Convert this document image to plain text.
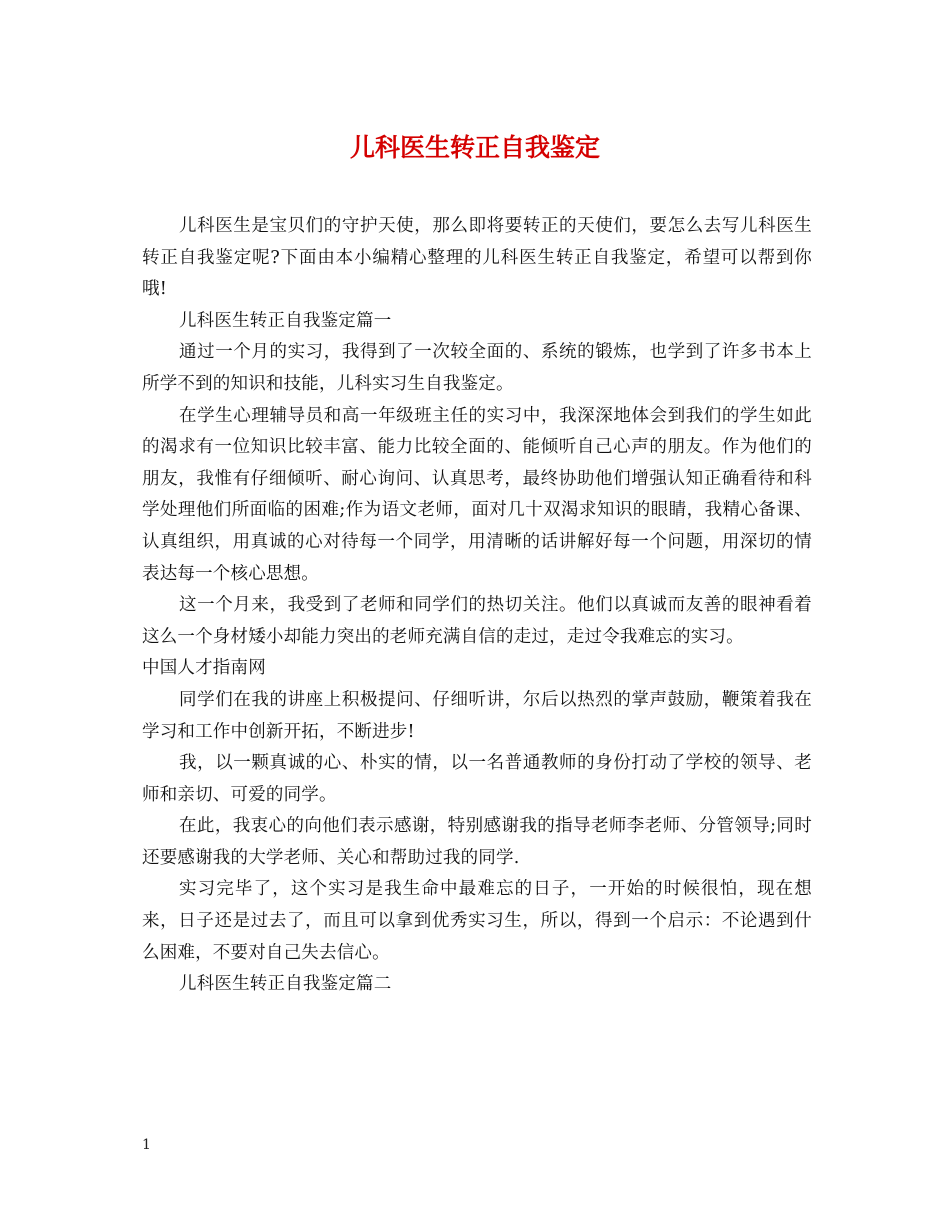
儿科医生转正自我鉴定

儿科医生是宝贝们的守护天使，那么即将要转正的天使们，要怎么去写儿科医生转正自我鉴定呢?下面由本小编精心整理的儿科医生转正自我鉴定，希望可以帮到你哦!

儿科医生转正自我鉴定篇一

通过一个月的实习，我得到了一次较全面的、系统的锻炼，也学到了许多书本上所学不到的知识和技能，儿科实习生自我鉴定。

在学生心理辅导员和高一年级班主任的实习中，我深深地体会到我们的学生如此的渴求有一位知识比较丰富、能力比较全面的、能倾听自己心声的朋友。作为他们的朋友，我惟有仔细倾听、耐心询问、认真思考，最终协助他们增强认知正确看待和科学处理他们所面临的困难;作为语文老师，面对几十双渴求知识的眼睛，我精心备课、认真组织，用真诚的心对待每一个同学，用清晰的话讲解好每一个问题，用深切的情表达每一个核心思想。

这一个月来，我受到了老师和同学们的热切关注。他们以真诚而友善的眼神看着这么一个身材矮小却能力突出的老师充满自信的走过，走过令我难忘的实习。

中国人才指南网

同学们在我的讲座上积极提问、仔细听讲，尔后以热烈的掌声鼓励，鞭策着我在学习和工作中创新开拓，不断进步!

我，以一颗真诚的心、朴实的情，以一名普通教师的身份打动了学校的领导、老师和亲切、可爱的同学。

在此，我衷心的向他们表示感谢，特别感谢我的指导老师李老师、分管领导;同时还要感谢我的大学老师、关心和帮助过我的同学.

实习完毕了，这个实习是我生命中最难忘的日子，一开始的时候很怕，现在想来，日子还是过去了，而且可以拿到优秀实习生，所以，得到一个启示：不论遇到什么困难，不要对自己失去信心。

儿科医生转正自我鉴定篇二

1
